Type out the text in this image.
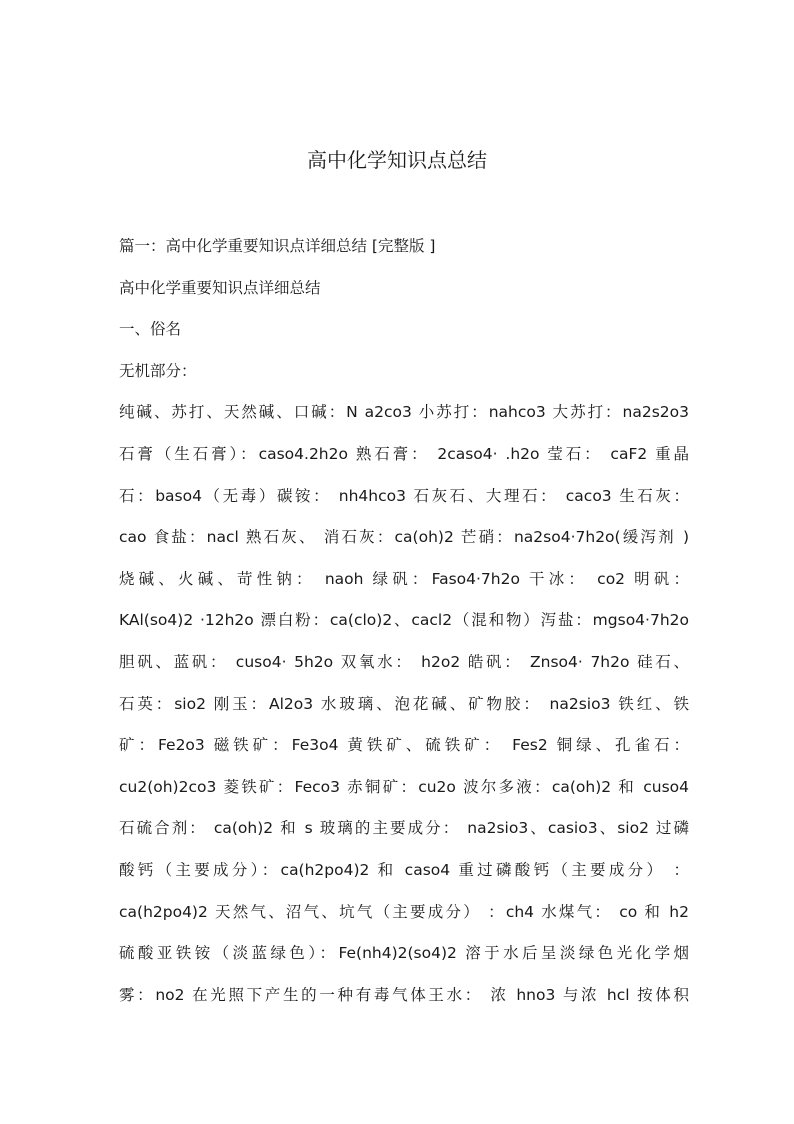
高中化学知识点总结
篇一：高中化学重要知识点详细总结 [完整版 ]
高中化学重要知识点详细总结
一、俗名
无机部分：
纯碱、苏打、天然碱、口碱：N a2co3 小苏打：nahco3 大苏打：na2s2o3
石膏（生石膏）：caso4.2h2o 熟石膏： 2caso4· .h2o 莹石： caF2 重晶
石：baso4（无毒）碳铵： nh4hco3 石灰石、大理石： caco3 生石灰：
cao 食盐：nacl 熟石灰、 消石灰：ca(oh)2 芒硝：na2so4·7h2o(缓泻剂 )
烧碱、火碱、苛性钠： naoh 绿矾：Faso4·7h2o 干冰： co2 明矾：
KAl(so4)2 ·12h2o 漂白粉：ca(clo)2、cacl2（混和物）泻盐：mgso4·7h2o
胆矾、蓝矾： cuso4· 5h2o 双氧水： h2o2 皓矾： Znso4· 7h2o 硅石、
石英：sio2 刚玉：Al2o3 水玻璃、泡花碱、矿物胶： na2sio3 铁红、铁
矿：Fe2o3 磁铁矿：Fe3o4 黄铁矿、硫铁矿： Fes2 铜绿、孔雀石：
cu2(oh)2co3 菱铁矿：Feco3 赤铜矿：cu2o 波尔多液：ca(oh)2 和 cuso4
石硫合剂： ca(oh)2 和 s 玻璃的主要成分： na2sio3、casio3、sio2 过磷
酸钙（主要成分）：ca(h2po4)2 和 caso4 重过磷酸钙（主要成分） ：
ca(h2po4)2 天然气、沼气、坑气（主要成分） ：ch4 水煤气： co 和 h2
硫酸亚铁铵（淡蓝绿色）：Fe(nh4)2(so4)2 溶于水后呈淡绿色光化学烟
雾：no2 在光照下产生的一种有毒气体王水： 浓 hno3 与浓 hcl 按体积
